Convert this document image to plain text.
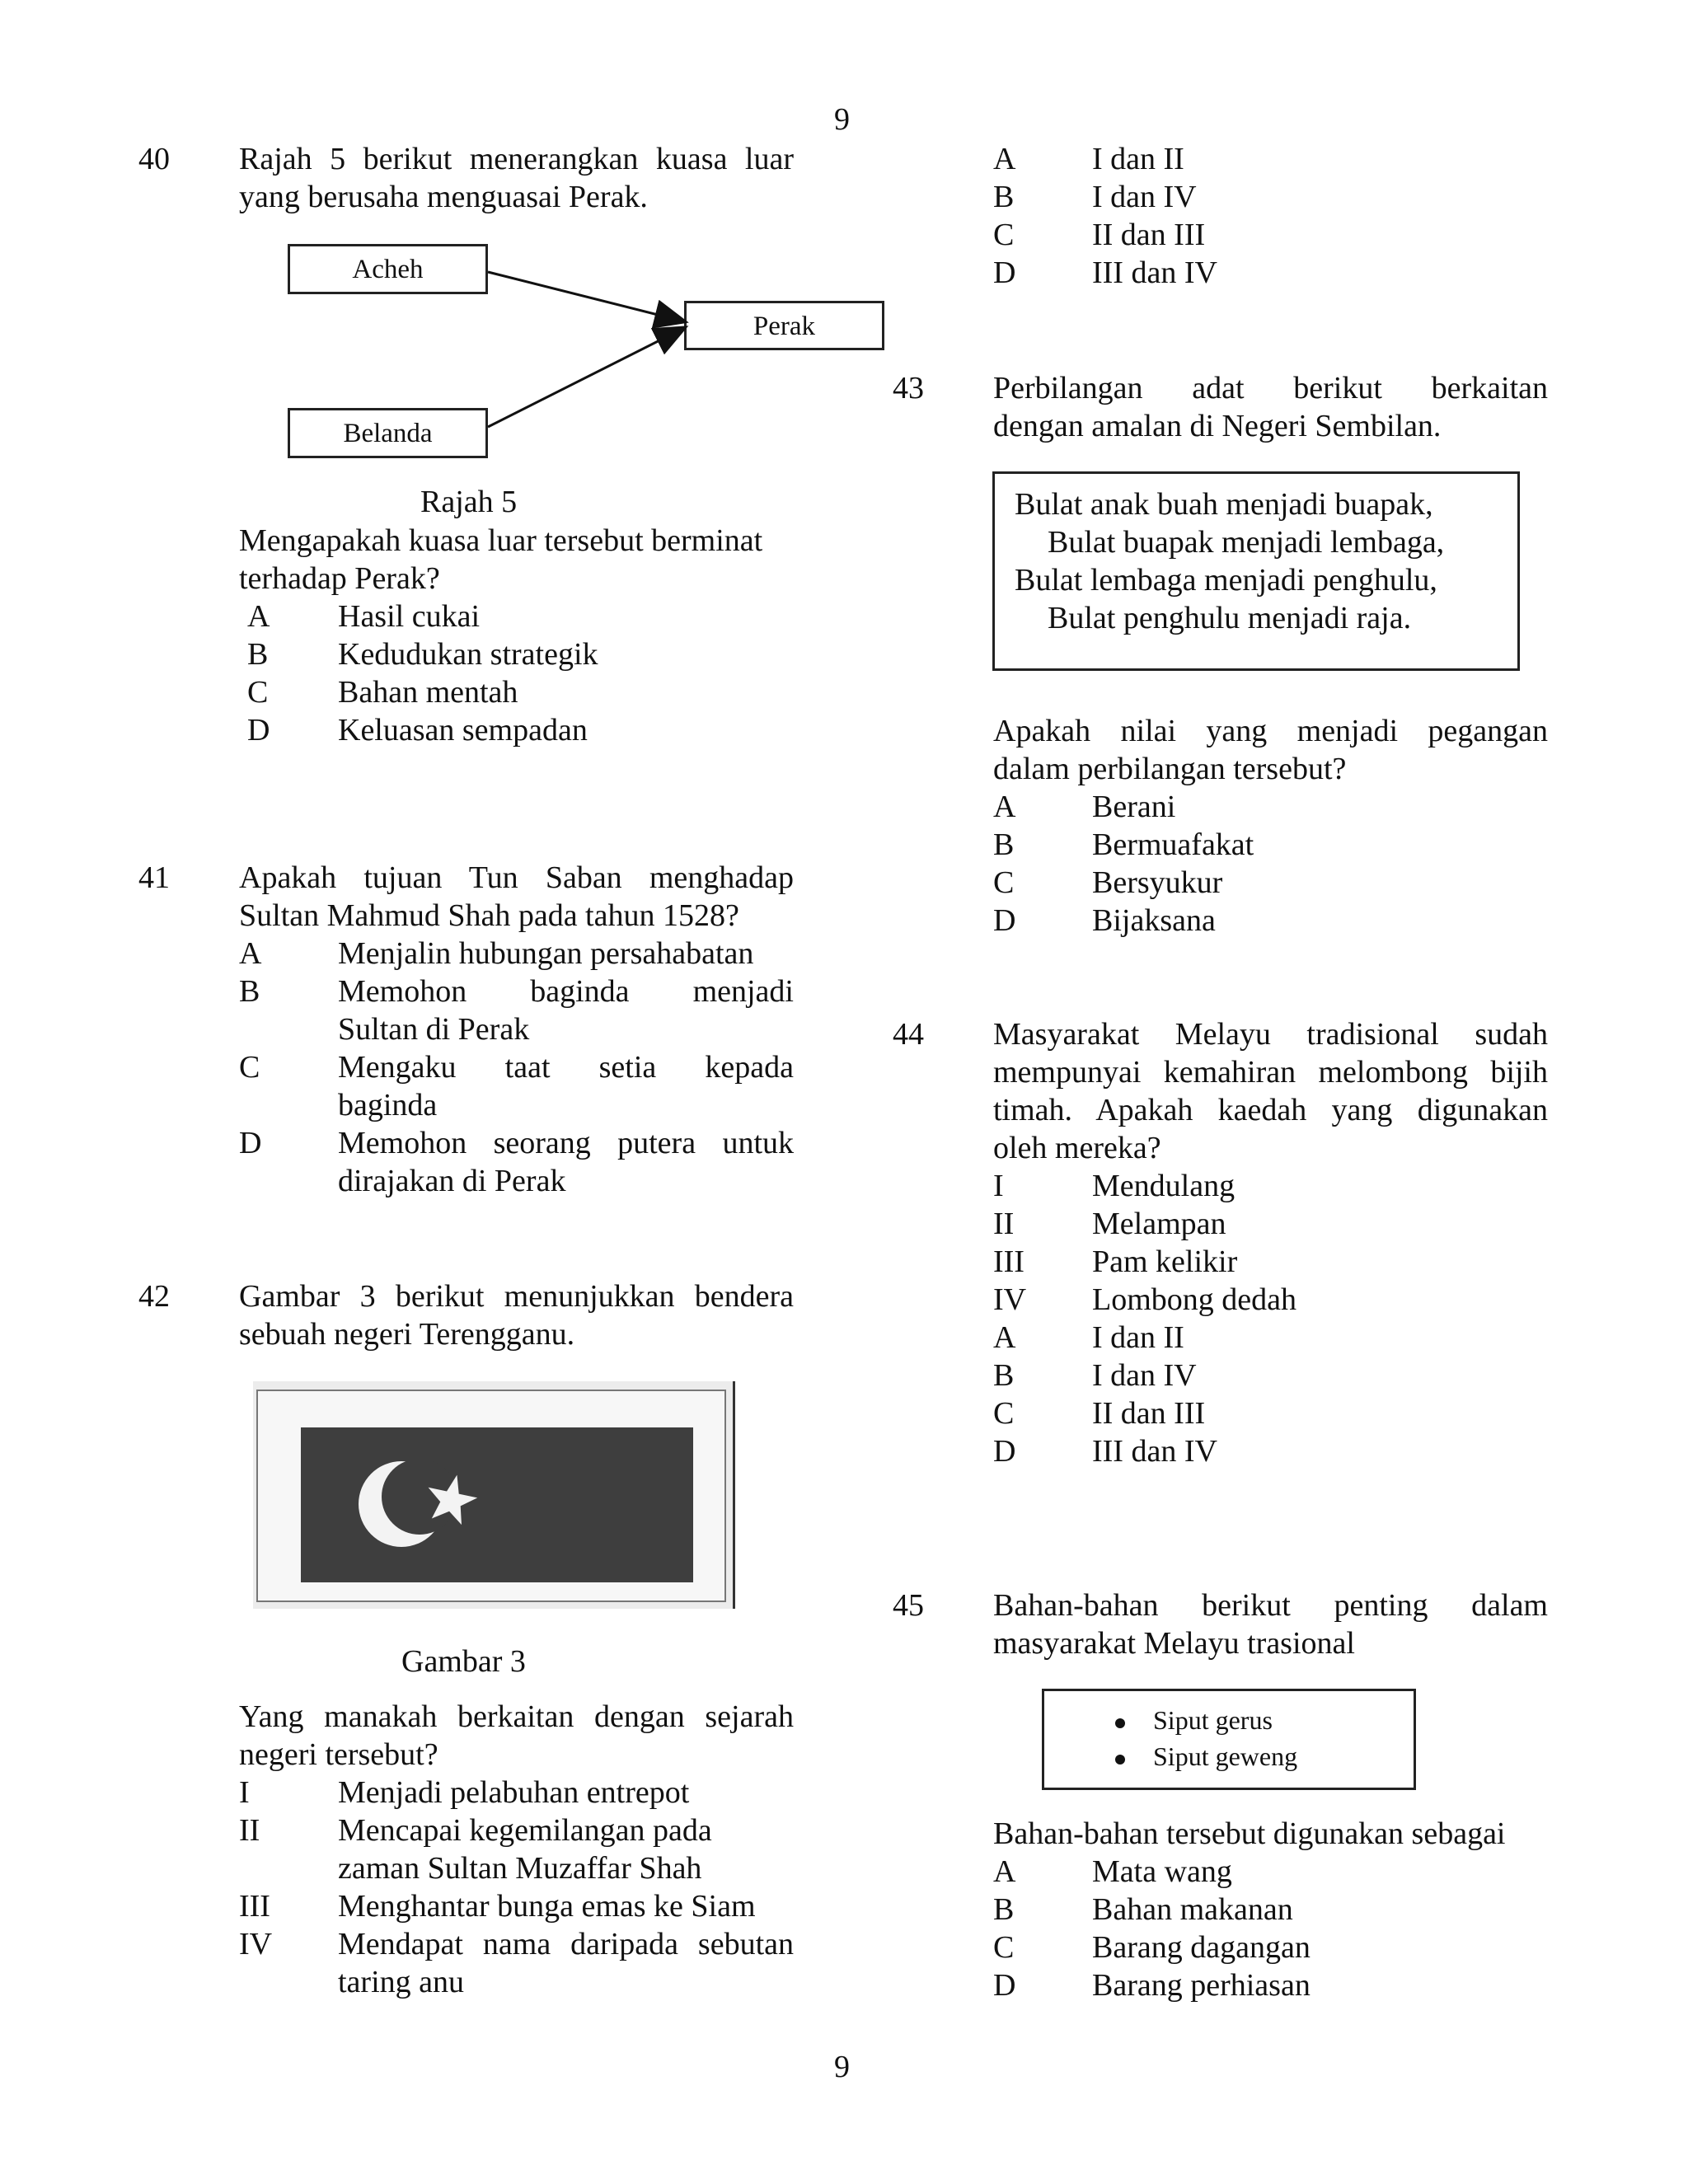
9
40 Rajah 5 berikut menerangkan kuasa luar
yang berusaha menguasai Perak.
Acheh
Perak
Belanda
Rajah 5
Mengapakah kuasa luar tersebut berminat
terhadap Perak?
A Hasil cukai
B Kedudukan strategik
C Bahan mentah
D Keluasan sempadan
41 Apakah tujuan Tun Saban menghadap
Sultan Mahmud Shah pada tahun 1528?
A Menjalin hubungan persahabatan
B Memohon baginda menjadi
Sultan di Perak
C Mengaku taat setia kepada
baginda
D Memohon seorang putera untuk
dirajakan di Perak
42 Gambar 3 berikut menunjukkan bendera
sebuah negeri Terengganu.
Gambar 3
Yang manakah berkaitan dengan sejarah
negeri tersebut?
I	Menjadi pelabuhan entrepot
II Mencapai kegemilangan pada
zaman Sultan Muzaffar Shah
III Menghantar bunga emas ke Siam
IV Mendapat nama daripada sebutan
taring anu
A I dan II
B I dan IV
C II dan III
D III dan IV
43 Perbilangan adat berikut berkaitan
dengan amalan di Negeri Sembilan.
Bulat anak buah menjadi buapak,
Bulat buapak menjadi lembaga,
Bulat lembaga menjadi penghulu,
Bulat penghulu menjadi raja.
Apakah nilai yang menjadi pegangan
dalam perbilangan tersebut?
A Berani
B Bermuafakat
C Bersyukur
D Bijaksana
44 Masyarakat Melayu tradisional sudah
mempunyai kemahiran melombong bijih
timah. Apakah kaedah yang digunakan
oleh mereka?
I	Mendulang
II Melampan
III Pam kelikir
IV Lombong dedah
A I dan II
B I dan IV
C II dan III
D III dan IV
45 Bahan-bahan berikut penting dalam
masyarakat Melayu trasional
Siput gerus
Siput geweng
Bahan-bahan tersebut digunakan sebagai
A Mata wang
B Bahan makanan
C Barang dagangan
D Barang perhiasan
9
